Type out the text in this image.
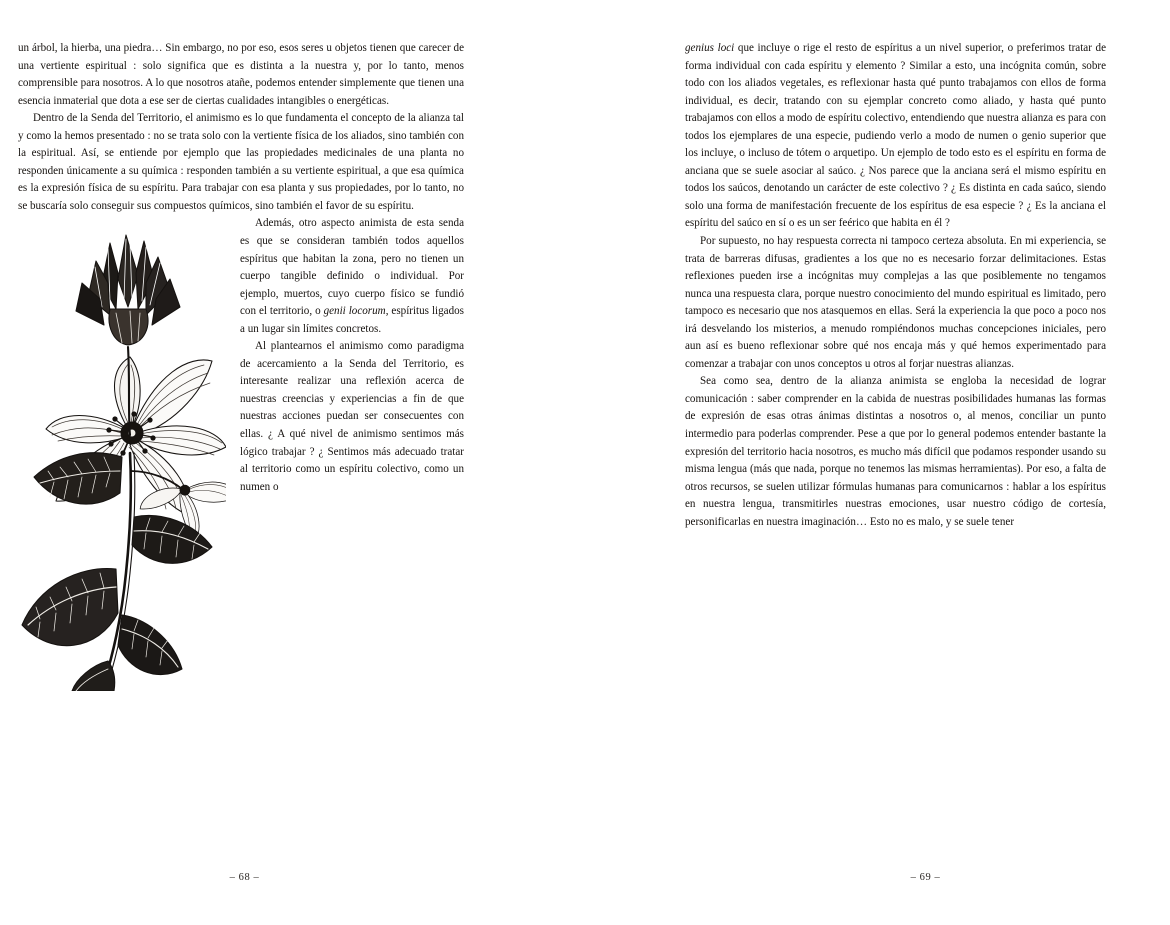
un árbol, la hierba, una piedra… Sin embargo, no por eso, esos seres u objetos tienen que carecer de una vertiente espiritual : solo significa que es distinta a la nuestra y, por lo tanto, menos comprensible para nosotros. A lo que nosotros atañe, podemos entender simplemente que tienen una esencia inmaterial que dota a ese ser de ciertas cualidades intangibles o energéticas.

Dentro de la Senda del Territorio, el animismo es lo que fundamenta el concepto de la alianza tal y como la hemos presentado : no se trata solo con la vertiente física de los aliados, sino también con la espiritual. Así, se entiende por ejemplo que las propiedades medicinales de una planta no responden únicamente a su química : responden también a su vertiente espiritual, a que esa química es la expresión física de su espíritu. Para trabajar con esa planta y sus propiedades, por lo tanto, no se buscaría solo conseguir sus compuestos químicos, sino también el favor de su espíritu.

Además, otro aspecto animista de esta senda es que se consideran también todos aquellos espíritus que habitan la zona, pero no tienen un cuerpo tangible definido o individual. Por ejemplo, muertos, cuyo cuerpo físico se fundió con el territorio, o genii locorum, espíritus ligados a un lugar sin límites concretos.

Al plantearnos el animismo como paradigma de acercamiento a la Senda del Territorio, es interesante realizar una reflexión acerca de nuestras creencias y experiencias a fin de que nuestras acciones puedan ser consecuentes con ellas. ¿ A qué nivel de animismo sentimos más lógico trabajar ? ¿ Sentimos más adecuado tratar al territorio como un espíritu colectivo, como un numen o

– 68 –

genius loci que incluye o rige el resto de espíritus a un nivel superior, o preferimos tratar de forma individual con cada espíritu y elemento ? Similar a esto, una incógnita común, sobre todo con los aliados vegetales, es reflexionar hasta qué punto trabajamos con ellos de forma individual, es decir, tratando con su ejemplar concreto como aliado, y hasta qué punto trabajamos con ellos a modo de espíritu colectivo, entendiendo que nuestra alianza es para con todos los ejemplares de una especie, pudiendo verlo a modo de numen o genio superior que los incluye, o incluso de tótem o arquetipo. Un ejemplo de todo esto es el espíritu en forma de anciana que se suele asociar al saúco. ¿ Nos parece que la anciana será el mismo espíritu en todos los saúcos, denotando un carácter de este colectivo ? ¿ Es distinta en cada saúco, siendo solo una forma de manifestación frecuente de los espíritus de esa especie ? ¿ Es la anciana el espíritu del saúco en sí o es un ser feérico que habita en él ?

Por supuesto, no hay respuesta correcta ni tampoco certeza absoluta. En mi experiencia, se trata de barreras difusas, gradientes a los que no es necesario forzar delimitaciones. Estas reflexiones pueden irse a incógnitas muy complejas a las que posiblemente no tengamos nunca una respuesta clara, porque nuestro conocimiento del mundo espiritual es limitado, pero tampoco es necesario que nos atasquemos en ellas. Será la experiencia la que poco a poco nos irá desvelando los misterios, a menudo rompiéndonos muchas concepciones iniciales, pero aun así es bueno reflexionar sobre qué nos encaja más y qué hemos experimentado para comenzar a trabajar con unos conceptos u otros al forjar nuestras alianzas.

Sea como sea, dentro de la alianza animista se engloba la necesidad de lograr comunicación : saber comprender en la cabida de nuestras posibilidades humanas las formas de expresión de esas otras ánimas distintas a nosotros o, al menos, conciliar un punto intermedio para poderlas comprender. Pese a que por lo general podemos entender bastante la expresión del territorio hacia nosotros, es mucho más difícil que podamos responder usando su misma lengua (más que nada, porque no tenemos las mismas herramientas). Por eso, a falta de otros recursos, se suelen utilizar fórmulas humanas para comunicarnos : hablar a los espíritus en nuestra lengua, transmitirles nuestras emociones, usar nuestro código de cortesía, personificarlas en nuestra imaginación… Esto no es malo, y se suele tener

– 69 –
